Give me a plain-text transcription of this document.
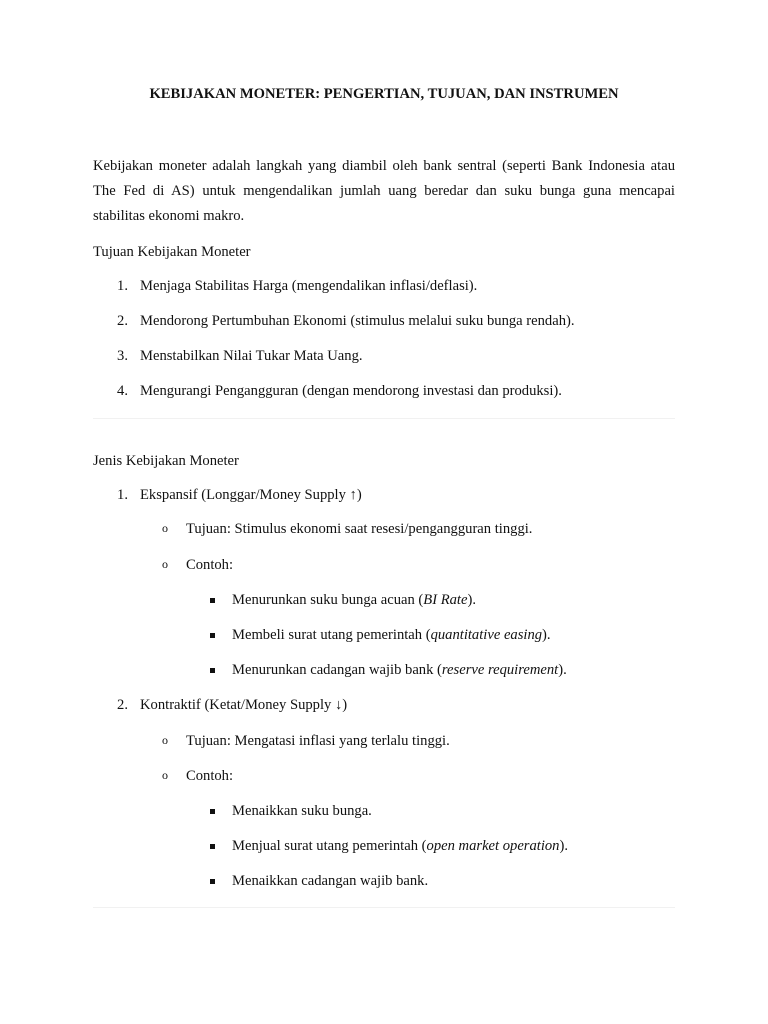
KEBIJAKAN MONETER: PENGERTIAN, TUJUAN, DAN INSTRUMEN

Kebijakan moneter adalah langkah yang diambil oleh bank sentral (seperti Bank Indonesia atau The Fed di AS) untuk mengendalikan jumlah uang beredar dan suku bunga guna mencapai stabilitas ekonomi makro.

Tujuan Kebijakan Moneter
1. Menjaga Stabilitas Harga (mengendalikan inflasi/deflasi).
2. Mendorong Pertumbuhan Ekonomi (stimulus melalui suku bunga rendah).
3. Menstabilkan Nilai Tukar Mata Uang.
4. Mengurangi Pengangguran (dengan mendorong investasi dan produksi).
Jenis Kebijakan Moneter
1. Ekspansif (Longgar/Money Supply ↑)
o Tujuan: Stimulus ekonomi saat resesi/pengangguran tinggi.
o Contoh:
Menurunkan suku bunga acuan (BI Rate).
Membeli surat utang pemerintah (quantitative easing).
Menurunkan cadangan wajib bank (reserve requirement).
2. Kontraktif (Ketat/Money Supply ↓)
o Tujuan: Mengatasi inflasi yang terlalu tinggi.
o Contoh:
Menaikkan suku bunga.
Menjual surat utang pemerintah (open market operation).
Menaikkan cadangan wajib bank.
